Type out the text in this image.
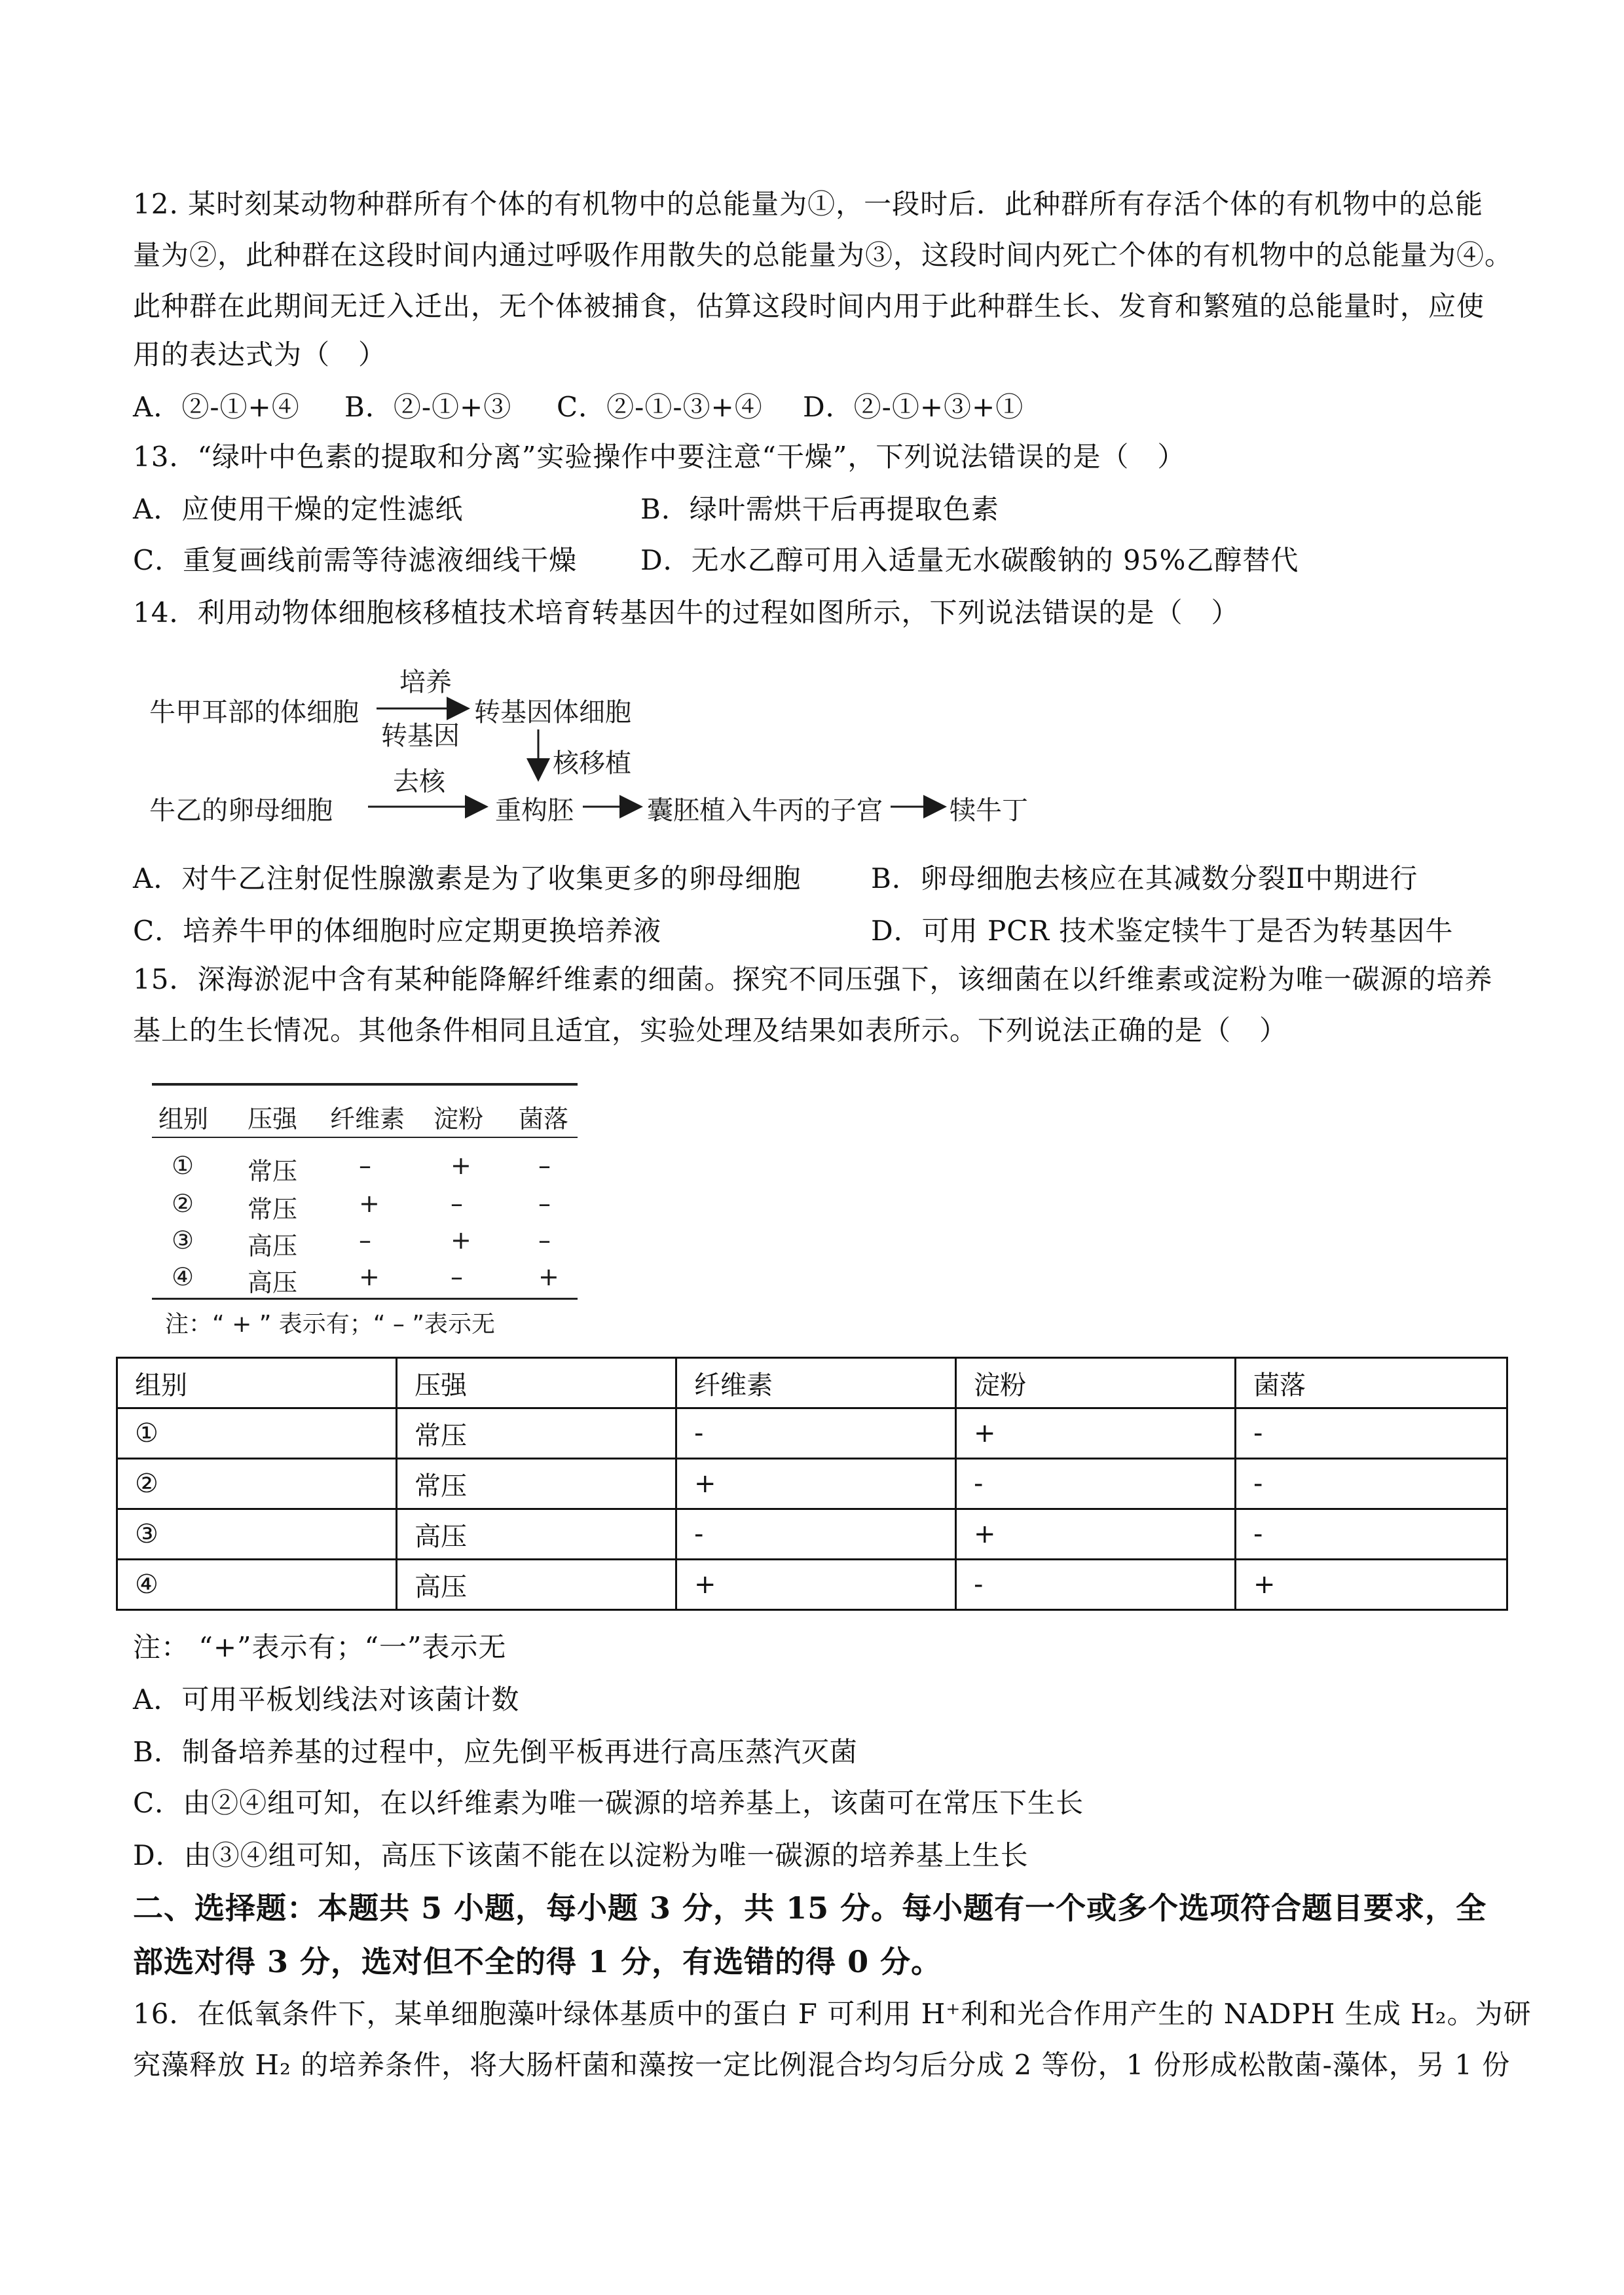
12. 某时刻某动物种群所有个体的有机物中的总能量为①，一段时后．此种群所有存活个体的有机物中的总能
量为②，此种群在这段时间内通过呼吸作用散失的总能量为③，这段时间内死亡个体的有机物中的总能量为④。
此种群在此期间无迁入迁出，无个体被捕食，估算这段时间内用于此种群生长、发育和繁殖的总能量时，应使
用的表达式为（　）
A．②-①+④ B．②-①+③ C．②-①-③+④ D．②-①+③+①
13．“绿叶中色素的提取和分离”实验操作中要注意“干燥”，下列说法错误的是（　）
A．应使用干燥的定性滤纸	B．绿叶需烘干后再提取色素
C．重复画线前需等待滤液细线干燥 D．无水乙醇可用入适量无水碳酸钠的 95%乙醇替代
14．利用动物体细胞核移植技术培育转基因牛的过程如图所示，下列说法错误的是（　）
牛甲耳部的体细胞
培养
转基因
转基因体细胞
核移植
牛乙的卵母细胞
去核
重构胚	囊胚植入牛丙的子宫	犊牛丁
A．对牛乙注射促性腺激素是为了收集更多的卵母细胞	B．卵母细胞去核应在其减数分裂Ⅱ中期进行
C．培养牛甲的体细胞时应定期更换培养液	D．可用 PCR 技术鉴定犊牛丁是否为转基因牛
15．深海淤泥中含有某种能降解纤维素的细菌。探究不同压强下，该细菌在以纤维素或淀粉为唯一碳源的培养
基上的生长情况。其他条件相同且适宜，实验处理及结果如表所示。下列说法正确的是（　）
组别 压强 纤维素 淀粉 菌落
① 常压 –	+	–
② 常压 +	–	–
③ 高压 –	+	–
④ 高压 +	–	+
注：“ + ” 表示有；“ – ”表示无
组别	压强	纤维素	淀粉	菌落
①	常压	-	+	-
②	常压	+	-	-
③	高压	-	+	-
④	高压	+	-	+
注： “+”表示有；“一”表示无
A．可用平板划线法对该菌计数
B．制备培养基的过程中，应先倒平板再进行高压蒸汽灭菌
C．由②④组可知，在以纤维素为唯一碳源的培养基上，该菌可在常压下生长
D．由③④组可知，高压下该菌不能在以淀粉为唯一碳源的培养基上生长
二、选择题：本题共 5 小题，每小题 3 分，共 15 分。每小题有一个或多个选项符合题目要求，全
部选对得 3 分，选对但不全的得 1 分，有选错的得 0 分。
16．在低氧条件下，某单细胞藻叶绿体基质中的蛋白 F 可利用 H⁺利和光合作用产生的 NADPH 生成 H₂。为研
究藻释放 H₂ 的培养条件，将大肠杆菌和藻按一定比例混合均匀后分成 2 等份，1 份形成松散菌-藻体，另 1 份
